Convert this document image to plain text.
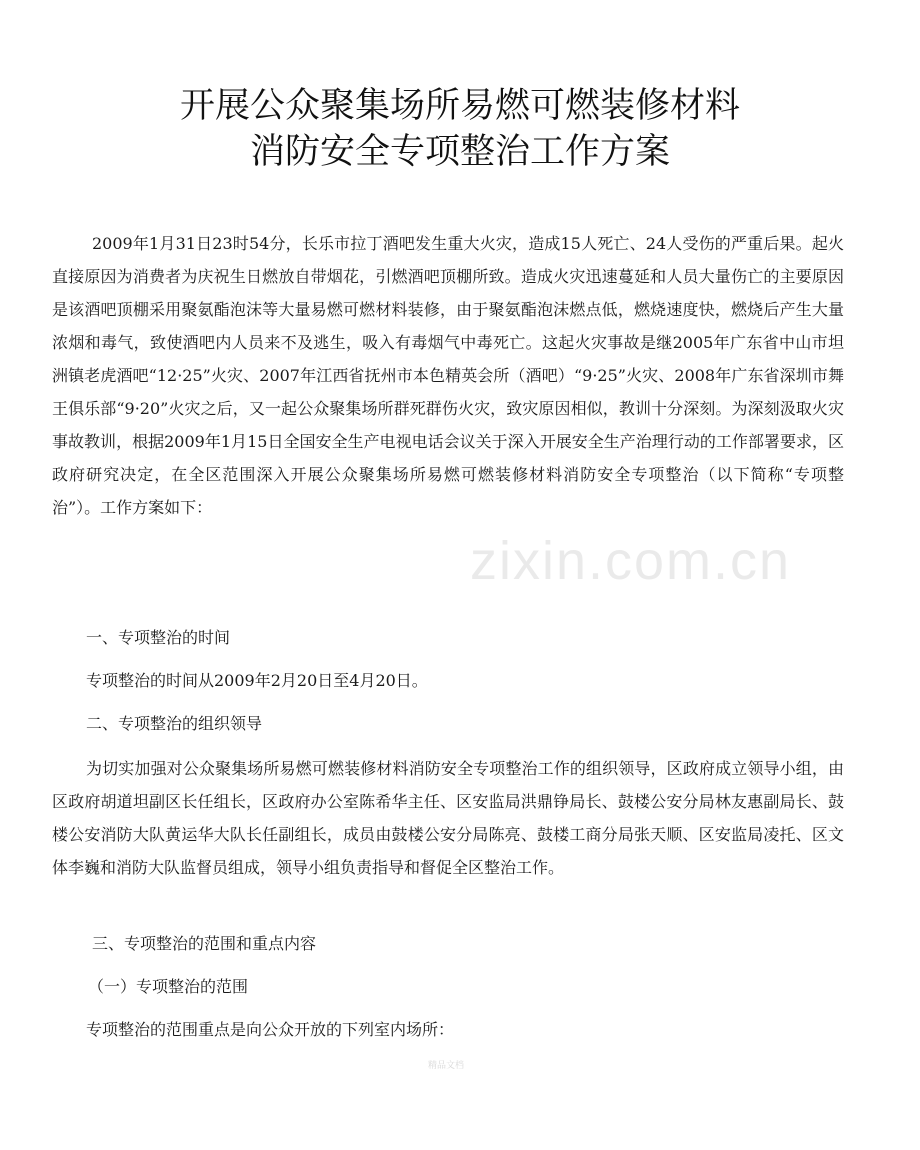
开展公众聚集场所易燃可燃装修材料
消防安全专项整治工作方案

2009年1月31日23时54分，长乐市拉丁酒吧发生重大火灾，造成15人死亡、24人受伤的严重后果。起火直接原因为消费者为庆祝生日燃放自带烟花，引燃酒吧顶棚所致。造成火灾迅速蔓延和人员大量伤亡的主要原因是该酒吧顶棚采用聚氨酯泡沫等大量易燃可燃材料装修，由于聚氨酯泡沫燃点低，燃烧速度快，燃烧后产生大量浓烟和毒气，致使酒吧内人员来不及逃生，吸入有毒烟气中毒死亡。这起火灾事故是继2005年广东省中山市坦洲镇老虎酒吧“12·25”火灾、2007年江西省抚州市本色精英会所（酒吧）“9·25”火灾、2008年广东省深圳市舞王俱乐部“9·20”火灾之后，又一起公众聚集场所群死群伤火灾，致灾原因相似，教训十分深刻。为深刻汲取火灾事故教训，根据2009年1月15日全国安全生产电视电话会议关于深入开展安全生产治理行动的工作部署要求，区政府研究决定，在全区范围深入开展公众聚集场所易燃可燃装修材料消防安全专项整治（以下简称“专项整治”）。工作方案如下：

一、专项整治的时间

专项整治的时间从2009年2月20日至4月20日。

二、专项整治的组织领导

为切实加强对公众聚集场所易燃可燃装修材料消防安全专项整治工作的组织领导，区政府成立领导小组，由区政府胡道坦副区长任组长，区政府办公室陈希华主任、区安监局洪鼎铮局长、鼓楼公安分局林友惠副局长、鼓楼公安消防大队黄运华大队长任副组长，成员由鼓楼公安分局陈亮、鼓楼工商分局张天顺、区安监局凌托、区文体李巍和消防大队监督员组成，领导小组负责指导和督促全区整治工作。

三、专项整治的范围和重点内容

（一）专项整治的范围

专项整治的范围重点是向公众开放的下列室内场所：

zixin.com.cn
精品文档
